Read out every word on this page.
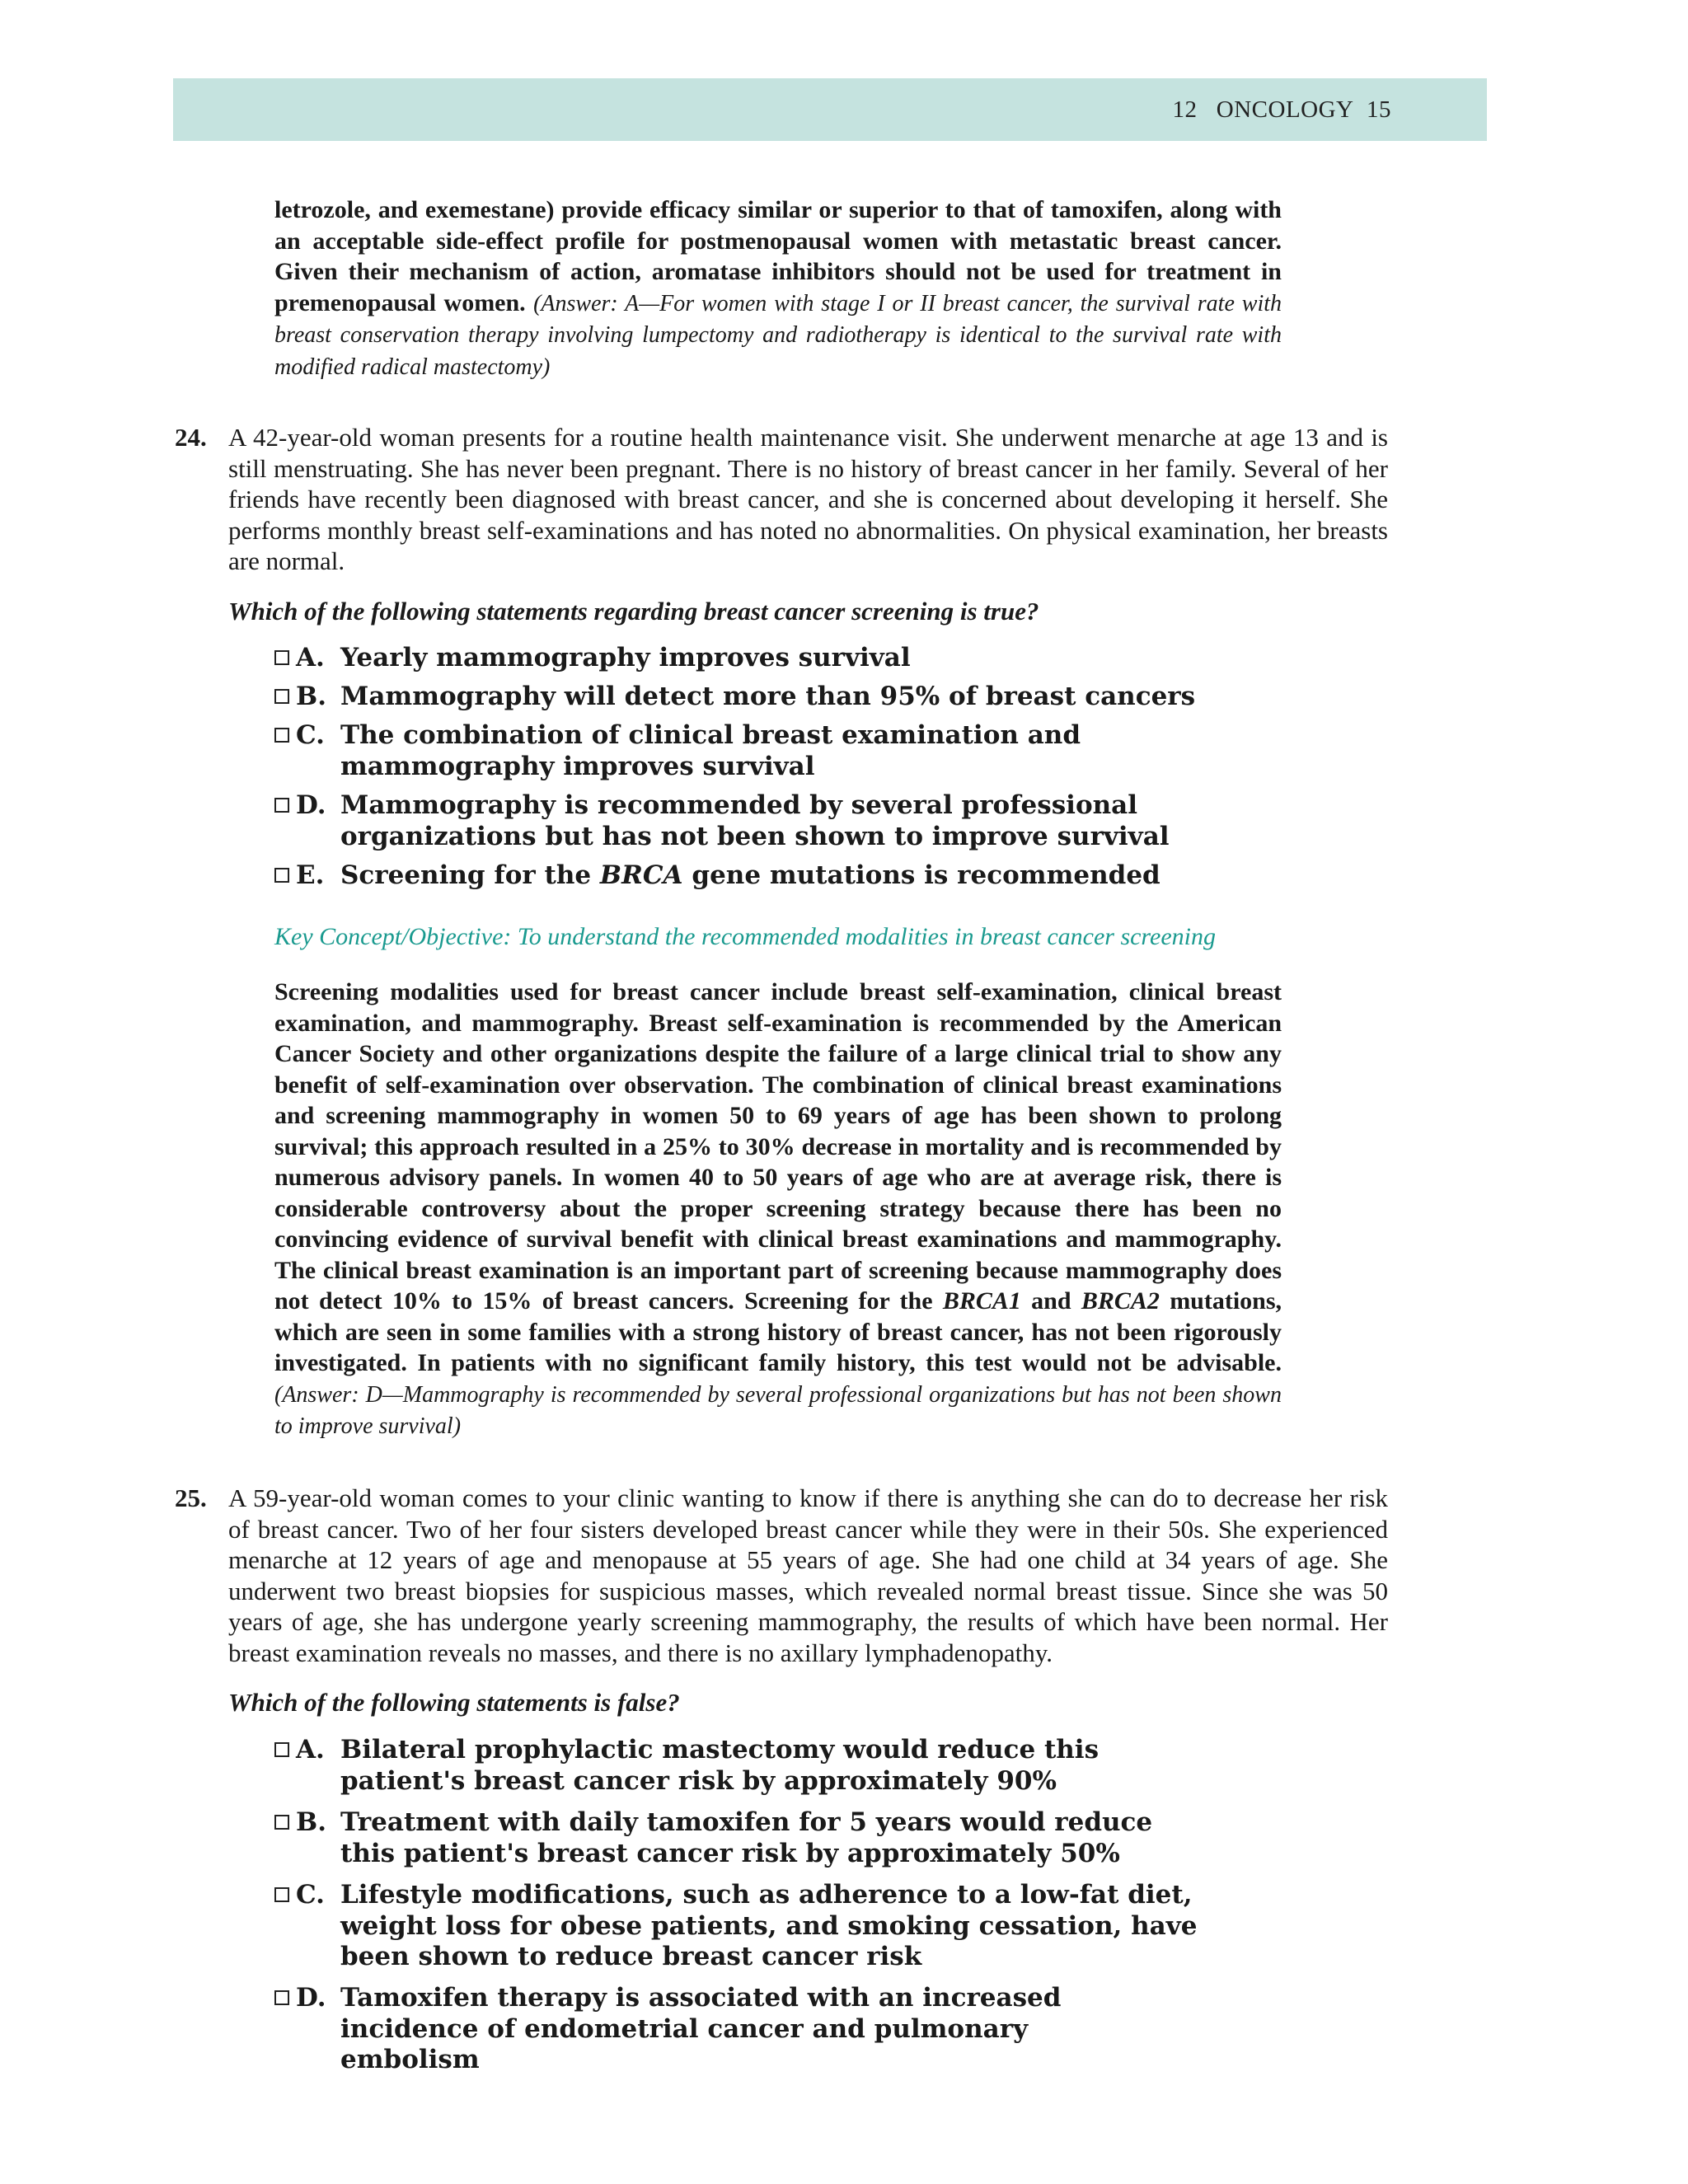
12 ONCOLOGY 15

letrozole, and exemestane) provide efficacy similar or superior to that of tamoxifen, along with an acceptable side-effect profile for postmenopausal women with metastatic breast cancer. Given their mechanism of action, aromatase inhibitors should not be used for treatment in premenopausal women. (Answer: A—For women with stage I or II breast cancer, the survival rate with breast conservation therapy involving lumpectomy and radiotherapy is identical to the survival rate with modified radical mastectomy)

24. A 42-year-old woman presents for a routine health maintenance visit. She underwent menarche at age 13 and is still menstruating. She has never been pregnant. There is no history of breast cancer in her family. Several of her friends have recently been diagnosed with breast cancer, and she is concerned about developing it herself. She performs monthly breast self-examinations and has noted no abnormalities. On physical examination, her breasts are normal.

Which of the following statements regarding breast cancer screening is true?
A. Yearly mammography improves survival
B. Mammography will detect more than 95% of breast cancers
C. The combination of clinical breast examination and mammography improves survival
D. Mammography is recommended by several professional organizations but has not been shown to improve survival
E. Screening for the BRCA gene mutations is recommended
Key Concept/Objective: To understand the recommended modalities in breast cancer screening

Screening modalities used for breast cancer include breast self-examination, clinical breast examination, and mammography. Breast self-examination is recommended by the American Cancer Society and other organizations despite the failure of a large clinical trial to show any benefit of self-examination over observation. The combination of clinical breast examinations and screening mammography in women 50 to 69 years of age has been shown to prolong survival; this approach resulted in a 25% to 30% decrease in mortality and is recommended by numerous advisory panels. In women 40 to 50 years of age who are at average risk, there is considerable controversy about the proper screening strategy because there has been no convincing evidence of survival benefit with clinical breast examinations and mammography. The clinical breast examination is an important part of screening because mammography does not detect 10% to 15% of breast cancers. Screening for the BRCA1 and BRCA2 mutations, which are seen in some families with a strong history of breast cancer, has not been rigorously investigated. In patients with no significant family history, this test would not be advisable. (Answer: D—Mammography is recommended by several professional organizations but has not been shown to improve survival)

25. A 59-year-old woman comes to your clinic wanting to know if there is anything she can do to decrease her risk of breast cancer. Two of her four sisters developed breast cancer while they were in their 50s. She experienced menarche at 12 years of age and menopause at 55 years of age. She had one child at 34 years of age. She underwent two breast biopsies for suspicious masses, which revealed normal breast tissue. Since she was 50 years of age, she has undergone yearly screening mammography, the results of which have been normal. Her breast examination reveals no masses, and there is no axillary lymphadenopathy.

Which of the following statements is false?
A. Bilateral prophylactic mastectomy would reduce this patient's breast cancer risk by approximately 90%
B. Treatment with daily tamoxifen for 5 years would reduce this patient's breast cancer risk by approximately 50%
C. Lifestyle modifications, such as adherence to a low-fat diet, weight loss for obese patients, and smoking cessation, have been shown to reduce breast cancer risk
D. Tamoxifen therapy is associated with an increased incidence of endometrial cancer and pulmonary embolism
